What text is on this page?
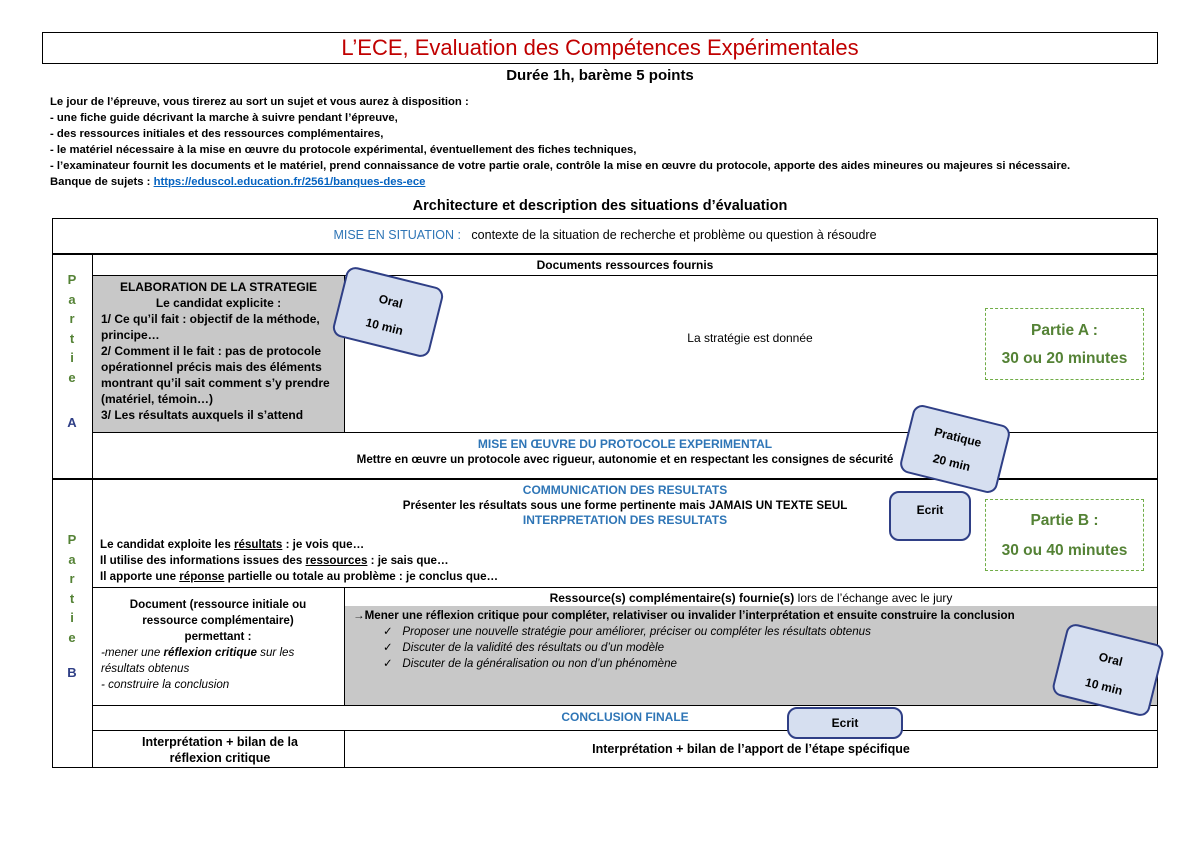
L’ECE, Evaluation des Compétences Expérimentales
Durée 1h, barème 5 points
Le jour de l’épreuve, vous tirerez au sort un sujet et vous aurez à disposition :
- une fiche guide décrivant la marche à suivre pendant l’épreuve,
- des ressources initiales et des ressources complémentaires,
- le matériel nécessaire à la mise en œuvre du protocole expérimental, éventuellement des fiches techniques,
- l’examinateur fournit les documents et le matériel, prend connaissance de votre partie orale, contrôle la mise en œuvre du protocole, apporte des aides mineures ou majeures si nécessaire.
Banque de sujets : https://eduscol.education.fr/2561/banques-des-ece
Architecture et description des situations d’évaluation
MISE EN SITUATION : contexte de la situation de recherche et problème ou question à résoudre
P
a
r
t
i
e
A
Documents ressources fournis
ELABORATION DE LA STRATEGIE
Le candidat explicite :
1/ Ce qu’il fait : objectif de la méthode, principe…
2/ Comment il le fait : pas de protocole opérationnel précis mais des éléments montrant qu’il sait comment s’y prendre (matériel, témoin…)
3/ Les résultats auxquels il s’attend
La stratégie est donnée	Partie A :
30 ou 20 minutes
MISE EN ŒUVRE DU PROTOCOLE EXPERIMENTAL
Mettre en œuvre un protocole avec rigueur, autonomie et en respectant les consignes de sécurité
P
a
r
t
i
e
B
COMMUNICATION DES RESULTATS
Présenter les résultats sous une forme pertinente mais JAMAIS UN TEXTE SEUL
INTERPRETATION DES RESULTATS
Le candidat exploite les résultats : je vois que…
Il utilise des informations issues des ressources : je sais que…
Il apporte une réponse partielle ou totale au problème : je conclus que…
Partie B :
30 ou 40 minutes
Document (ressource initiale ou
ressource complémentaire)
permettant :
-mener une réflexion critique sur les résultats obtenus
- construire la conclusion
Ressource(s) complémentaire(s) fournie(s) lors de l’échange avec le jury
→Mener une réflexion critique pour compléter, relativiser ou invalider l’interprétation et ensuite construire la conclusion
✓ Proposer une nouvelle stratégie pour améliorer, préciser ou compléter les résultats obtenus
✓ Discuter de la validité des résultats ou d’un modèle
✓ Discuter de la généralisation ou non d’un phénomène
CONCLUSION FINALE
Interprétation + bilan de la réflexion critique
Interprétation + bilan de l’apport de l’étape spécifique
Oral
10 min
Pratique
20 min
Ecrit
Oral
10 min
Ecrit
